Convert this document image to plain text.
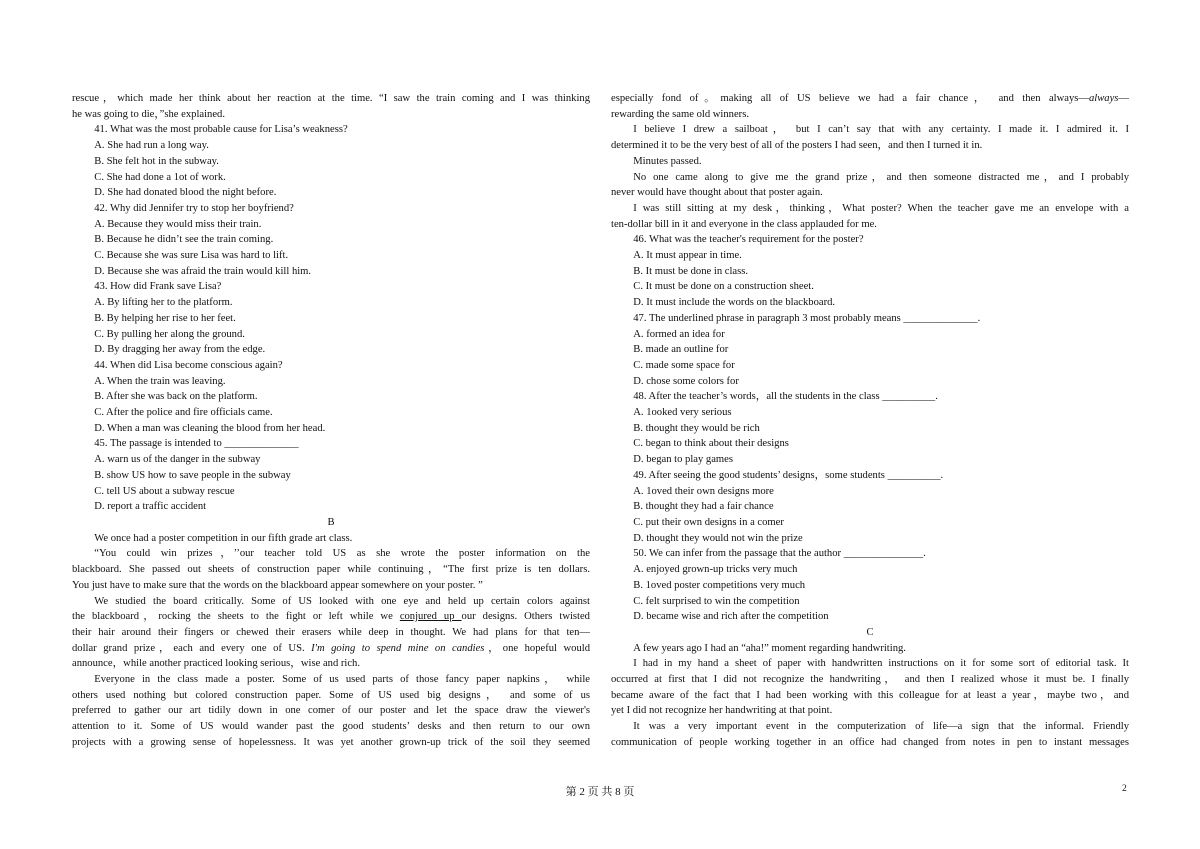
rescue，which made her think about her reaction at the time. “I saw the train coming and I was thinking
he was going to die，”she explained.
41. What was the most probable cause for Lisa’s weakness?
A. She had run a long way.
B. She felt hot in the subway.
C. She had done a 1ot of work.
D. She had donated blood the night before.
42. Why did Jennifer try to stop her boyfriend?
A. Because they would miss their train.
B. Because he didn’t see the train coming.
C. Because she was sure Lisa was hard to lift.
D. Because she was afraid the train would kill him.
43. How did Frank save Lisa?
A. By lifting her to the platform.
B. By helping her rise to her feet.
C. By pulling her along the ground.
D. By dragging her away from the edge.
44. When did Lisa become conscious again?
A. When the train was leaving.
B. After she was back on the platform.
C. After the police and fire officials came.
D. When a man was cleaning the blood from her head.
45. The passage is intended to ______________
A. warn us of the danger in the subway
B. show US how to save people in the subway
C. tell US about a subway rescue
D. report a traffic accident
B
We once had a poster competition in our fifth grade art class.
“You could win prizes，’’our teacher told US as she wrote the poster information on the
blackboard. She passed out sheets of construction paper while continuing，“The first prize is ten dollars.
You just have to make sure that the words on the blackboard appear somewhere on your poster. ”
We studied the board critically. Some of US looked with one eye and held up certain colors against
the blackboard，rocking the sheets to the fight or left while we conjured up our designs. Others twisted
their hair around their fingers or chewed their erasers while deep in thought. We had plans for that ten—
dollar grand prize，each and every one of US. I'm going to spend mine on candies，one hopeful would
announce，while another practiced looking serious，wise and rich.
Everyone in the class made a poster. Some of us used parts of those fancy paper napkins， while
others used nothing but colored construction paper. Some of US used big designs， and some of us
preferred to gather our art tidily down in one comer of our poster and let the space draw the viewer's
attention to it. Some of US would wander past the good students’ desks and then return to our own
projects with a growing sense of hopelessness. It was yet another grown-up trick of the soil they seemed
especially fond of。making all of US believe we had a fair chance， and then always—always—
rewarding the same old winners.
I believe I drew a sailboat， but I can’t say that with any certainty. I made it. I admired it. I
determined it to be the very best of all of the posters I had seen，and then I turned it in.
Minutes passed.
No one came along to give me the grand prize，and then someone distracted me，and I probably
never would have thought about that poster again.
I was still sitting at my desk，thinking，What poster? When the teacher gave me an envelope with a
ten-dollar bill in it and everyone in the class applauded for me.
46. What was the teacher's requirement for the poster?
A. It must appear in time.
B. It must be done in class.
C. It must be done on a construction sheet.
D. It must include the words on the blackboard.
47. The underlined phrase in paragraph 3 most probably means ______________.
A. formed an idea for
B. made an outline for
C. made some space for
D. chose some colors for
48. After the teacher’s words，all the students in the class __________.
A. 1ooked very serious
B. thought they would be rich
C. began to think about their designs
D. began to play games
49. After seeing the good students’ designs，some students __________.
A. 1oved their own designs more
B. thought they had a fair chance
C. put their own designs in a comer
D. thought they would not win the prize
50. We can infer from the passage that the author _______________.
A. enjoyed grown-up tricks very much
B. 1oved poster competitions very much
C. felt surprised to win the competition
D. became wise and rich after the competition
C
A few years ago I had an “aha!” moment regarding handwriting.
I had in my hand a sheet of paper with handwritten instructions on it for some sort of editorial task. It
occurred at first that I did not recognize the handwriting， and then I realized whose it must be. I finally
became aware of the fact that I had been working with this colleague for at least a year，maybe two，and
yet I did not recognize her handwriting at that point.
It was a very important event in the computerization of life—a sign that the informal. Friendly
communication of people working together in an office had changed from notes in pen to instant messages
第 2 页 共 8 页	2
